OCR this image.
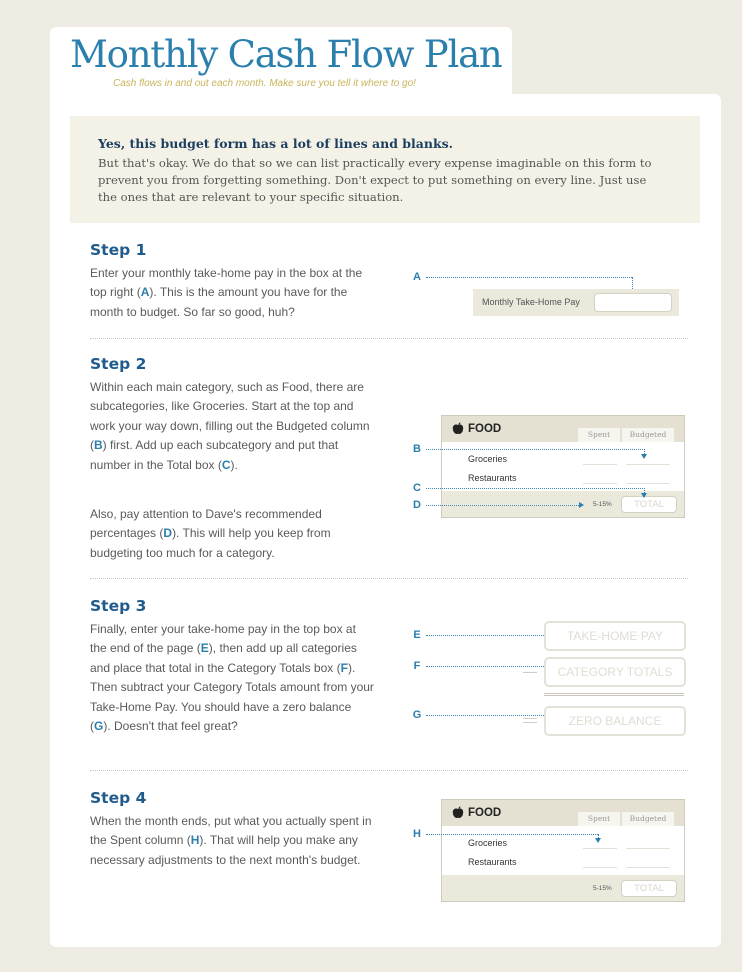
Monthly Cash Flow Plan

Cash flows in and out each month. Make sure you tell it where to go!

Yes, this budget form has a lot of lines and blanks.

But that's okay. We do that so we can list practically every expense imaginable on this form to prevent you from forgetting something. Don't expect to put something on every line. Just use the ones that are relevant to your specific situation.

Step 1

Enter your monthly take-home pay in the box at the top right (A). This is the amount you have for the month to budget. So far so good, huh?

Step 2

Within each main category, such as Food, there are subcategories, like Groceries. Start at the top and work your way down, filling out the Budgeted column (B) first. Add up each subcategory and put that number in the Total box (C).

Also, pay attention to Dave's recommended percentages (D). This will help you keep from budgeting too much for a category.

Step 3

Finally, enter your take-home pay in the top box at the end of the page (E), then add up all categories and place that total in the Category Totals box (F). Then subtract your Category Totals amount from your Take-Home Pay. You should have a zero balance (G). Doesn't that feel great?

Step 4

When the month ends, put what you actually spent in the Spent column (H). That will help you make any necessary adjustments to the next month's budget.

A
Monthly Take-Home Pay
FOOD	Spent	Budgeted
Groceries
Restaurants
5-15%	TOTAL
B
C
D
E	TAKE-HOME PAY
F	CATEGORY TOTALS
G	ZERO BALANCE
FOOD	Spent	Budgeted
Groceries
Restaurants
5-15%	TOTAL
H
